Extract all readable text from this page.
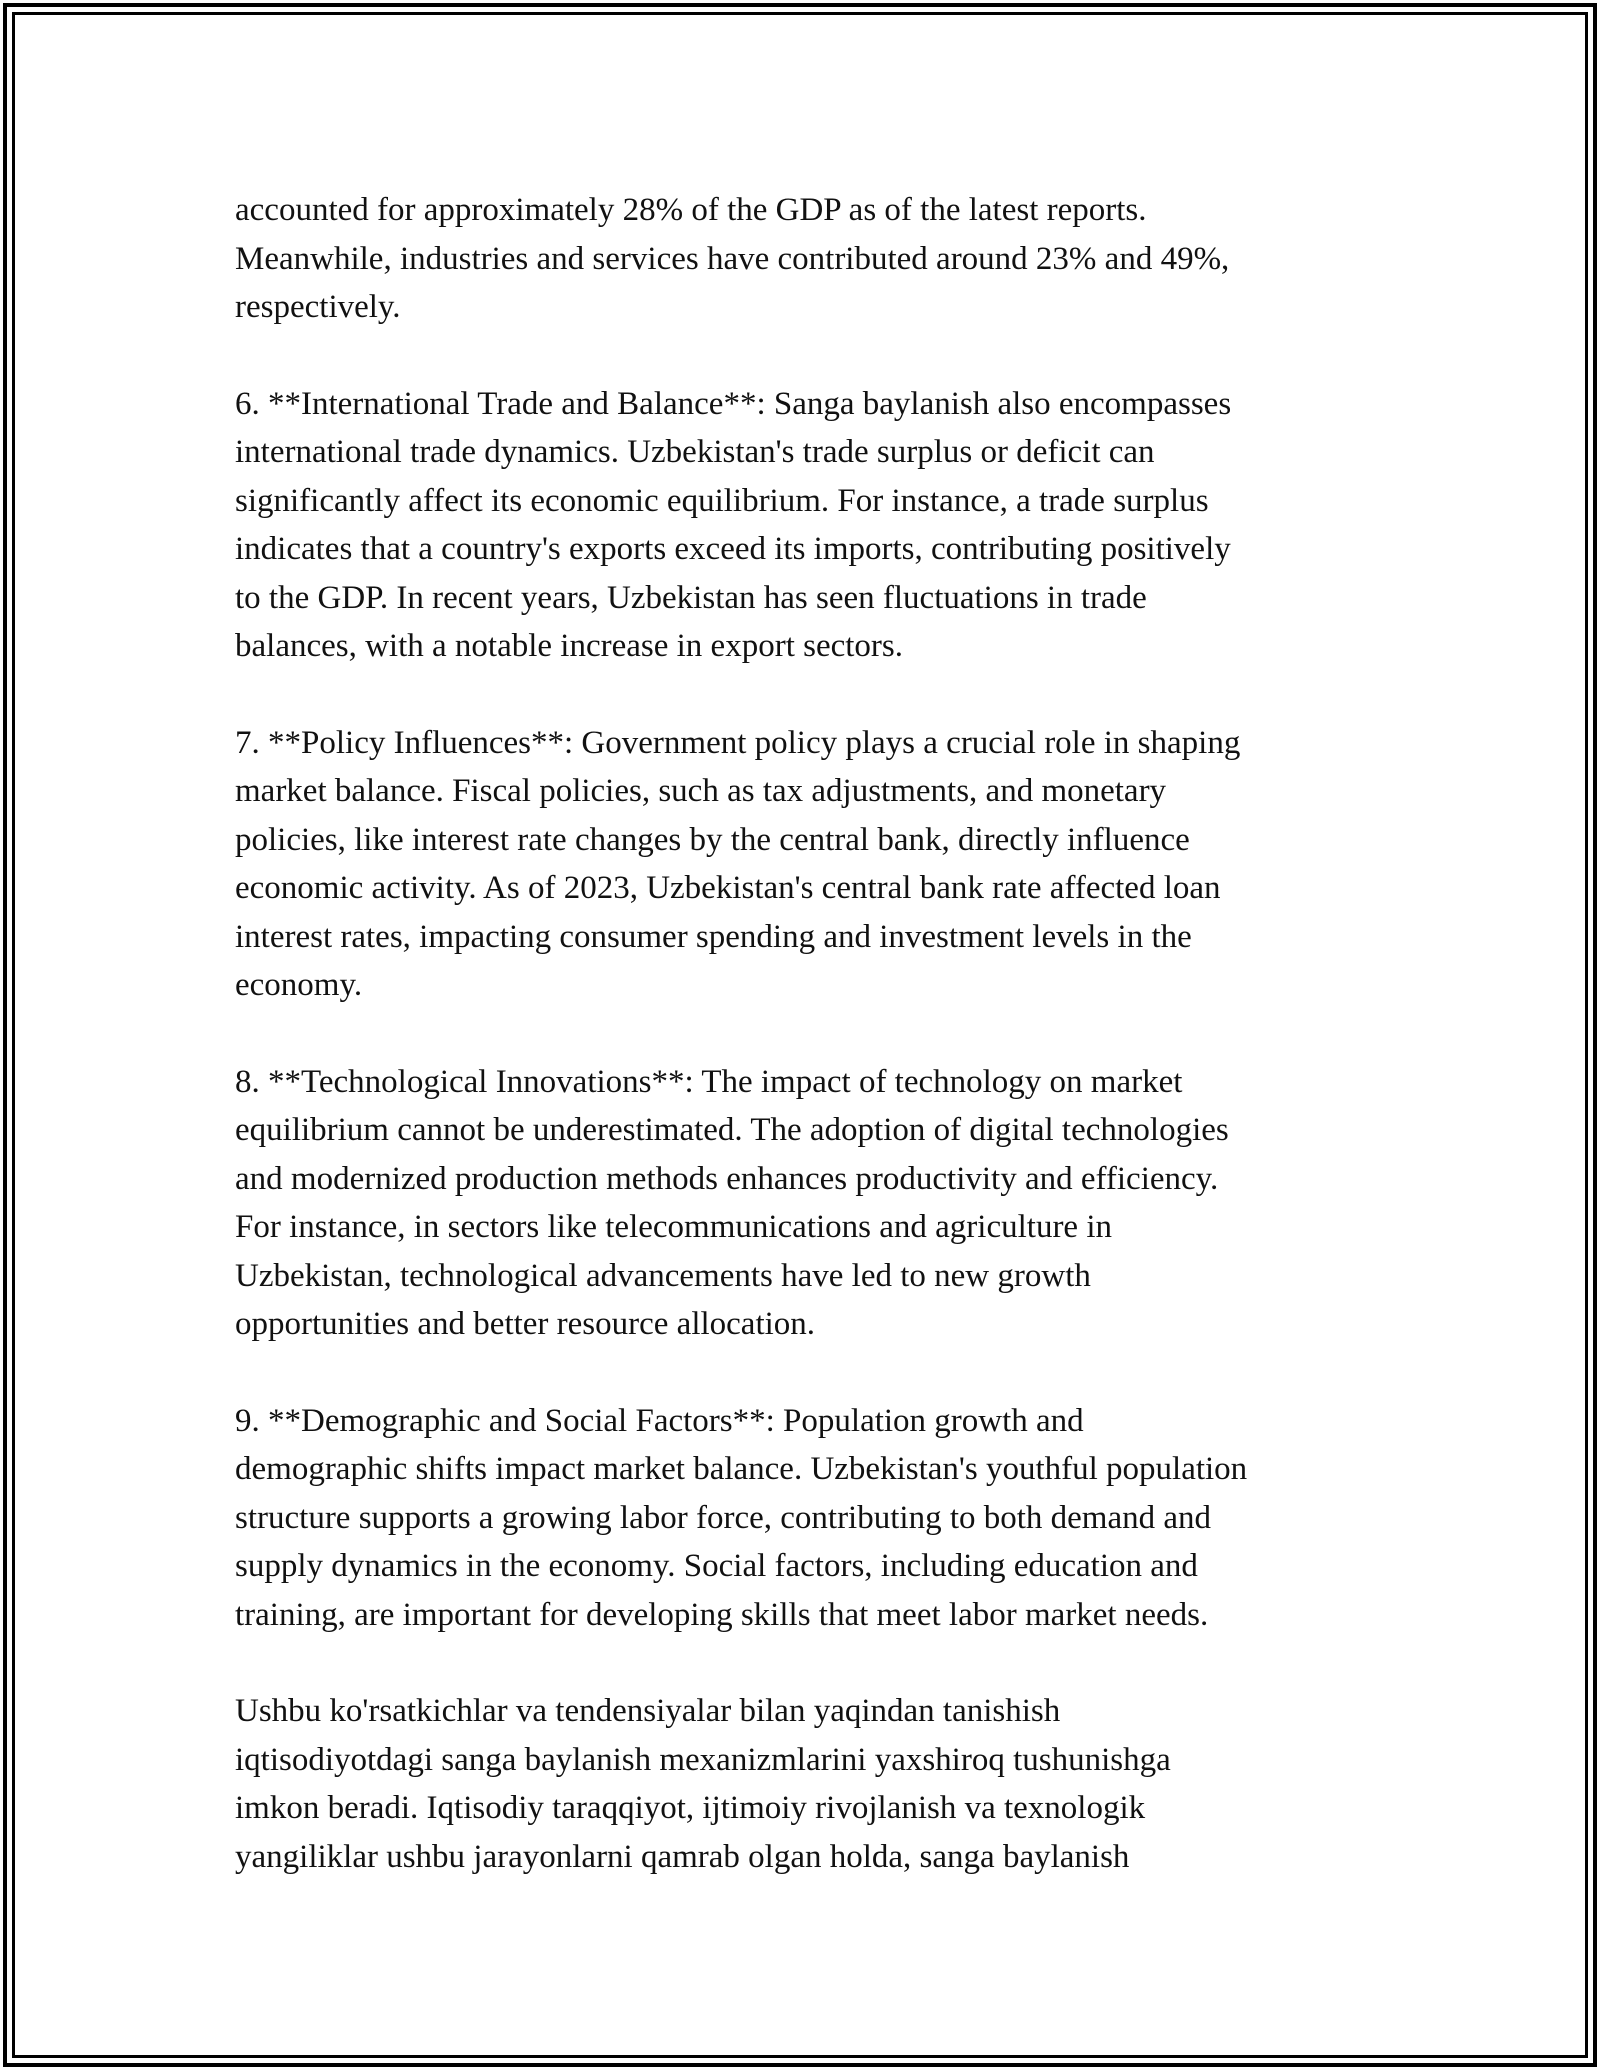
accounted for approximately 28% of the GDP as of the latest reports.
Meanwhile, industries and services have contributed around 23% and 49%,
respectively.

6. **International Trade and Balance**: Sanga baylanish also encompasses
international trade dynamics. Uzbekistan's trade surplus or deficit can
significantly affect its economic equilibrium. For instance, a trade surplus
indicates that a country's exports exceed its imports, contributing positively
to the GDP. In recent years, Uzbekistan has seen fluctuations in trade
balances, with a notable increase in export sectors.

7. **Policy Influences**: Government policy plays a crucial role in shaping
market balance. Fiscal policies, such as tax adjustments, and monetary
policies, like interest rate changes by the central bank, directly influence
economic activity. As of 2023, Uzbekistan's central bank rate affected loan
interest rates, impacting consumer spending and investment levels in the
economy.

8. **Technological Innovations**: The impact of technology on market
equilibrium cannot be underestimated. The adoption of digital technologies
and modernized production methods enhances productivity and efficiency.
For instance, in sectors like telecommunications and agriculture in
Uzbekistan, technological advancements have led to new growth
opportunities and better resource allocation.

9. **Demographic and Social Factors**: Population growth and
demographic shifts impact market balance. Uzbekistan's youthful population
structure supports a growing labor force, contributing to both demand and
supply dynamics in the economy. Social factors, including education and
training, are important for developing skills that meet labor market needs.

Ushbu ko'rsatkichlar va tendensiyalar bilan yaqindan tanishish
iqtisodiyotdagi sanga baylanish mexanizmlarini yaxshiroq tushunishga
imkon beradi. Iqtisodiy taraqqiyot, ijtimoiy rivojlanish va texnologik
yangiliklar ushbu jarayonlarni qamrab olgan holda, sanga baylanish
